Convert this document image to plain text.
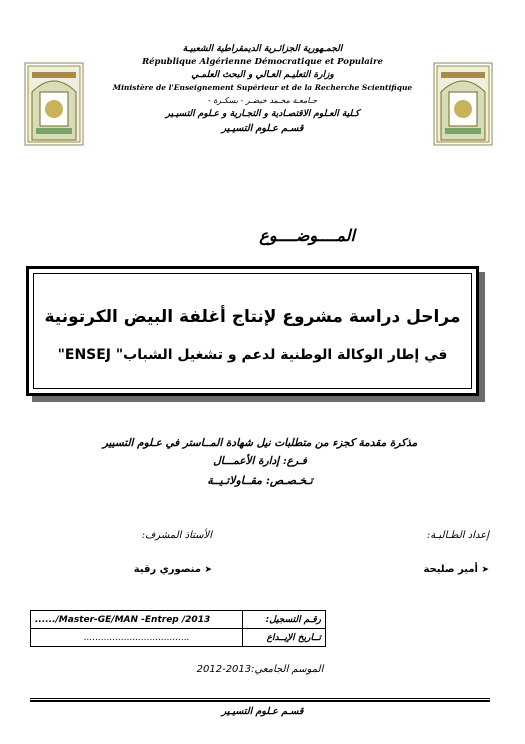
الجمـهورية الجزائـرية الديمقراطية الشعبيـة
République Algérienne Démocratique et Populaire
وزارة التعليـم العـالي و البحث العلمـي
Ministère de l'Enseignement Supérieur et de la Recherche Scientifique
جـامعـة محـمد خيضـر - بسكـرة -
كـلية العـلوم الاقتصـادية و التجـارية و عـلوم التسيـير
قسـم عـلوم التسيـير
المــــوضــــوع
مراحل دراسة مشروع لإنتاج أغلفة البيض الكرتونية
في إطار الوكالة الوطنية لدعم و تشغيل الشباب" ENSEJ"
مذكرة مقدمة كجزء من متطلبات نيل شهادة المــاستر في عـلوم التسيير
فـرع: إدارة الأعمـــال
تـخـصـص: مقــاولاتـيــة
إعداد الطـالبـة:
الأستاذ المشرف:
➤ أمير صليحة
➤ منصوري رقية
....../Master-GE/MAN -Entrep /2013	رقـم التسجيل:
.....................................	تــاريخ الإيــداع
الموسم الجامعي:2012-2013
قسـم عـلوم التسيـير
